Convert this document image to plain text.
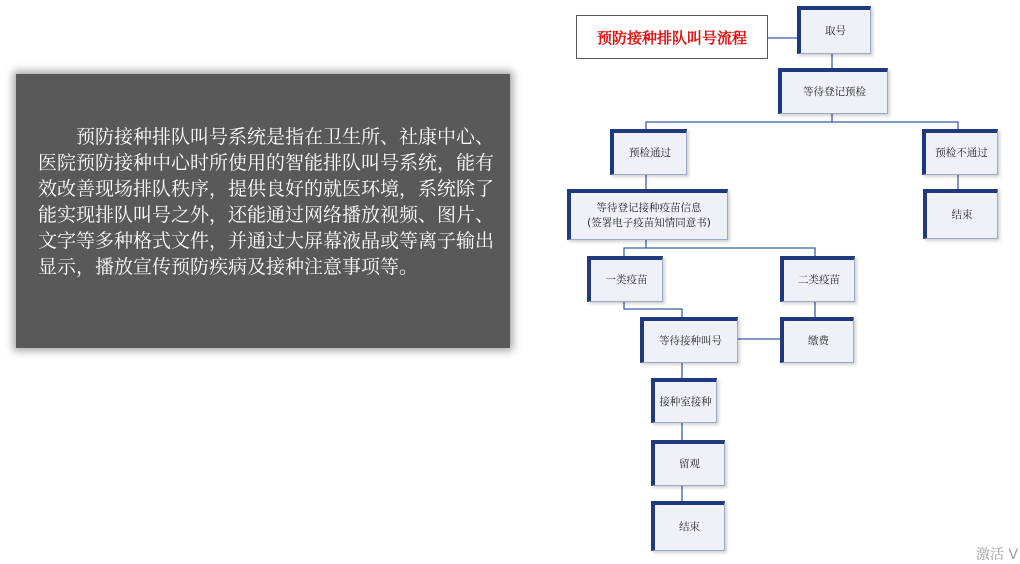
预防接种排队叫号系统是指在卫生所、社康中心、医院预防接种中心时所使用的智能排队叫号系统，能有效改善现场排队秩序，提供良好的就医环境，系统除了能实现排队叫号之外，还能通过网络播放视频、图片、文字等多种格式文件，并通过大屏幕液晶或等离子输出显示，播放宣传预防疾病及接种注意事项等。

预防接种排队叫号流程	取号
等待登记预检
预检通过	预检不通过
结束
等待登记接种疫苗信息
(签署电子疫苗知情同意书)
一类疫苗	二类疫苗
等待接种叫号	缴费
接种室接种
留观
结束
激活 V
